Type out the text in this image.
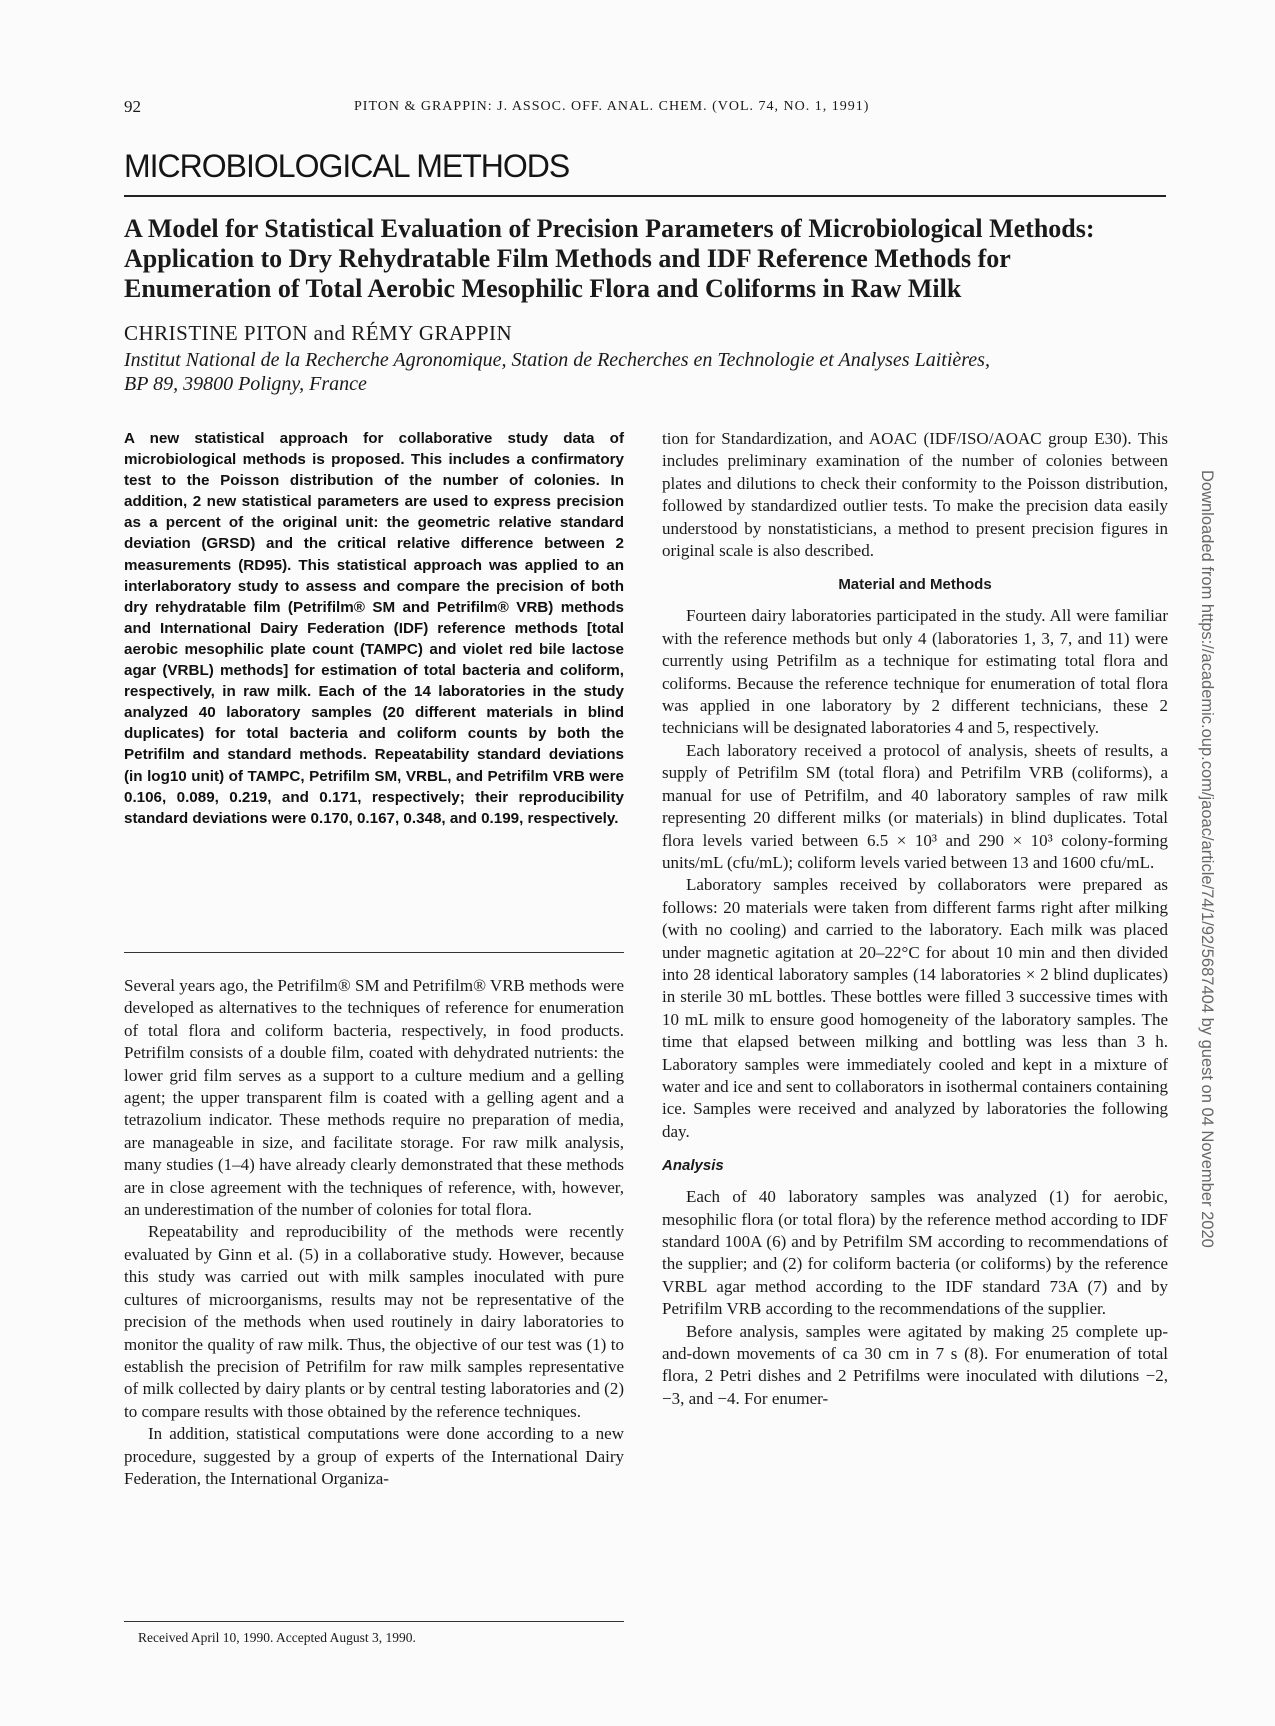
92	PITON & GRAPPIN: J. ASSOC. OFF. ANAL. CHEM. (VOL. 74, NO. 1, 1991)
MICROBIOLOGICAL METHODS
A Model for Statistical Evaluation of Precision Parameters of Microbiological Methods:
Application to Dry Rehydratable Film Methods and IDF Reference Methods for
Enumeration of Total Aerobic Mesophilic Flora and Coliforms in Raw Milk
CHRISTINE PITON and RÉMY GRAPPIN
Institut National de la Recherche Agronomique, Station de Recherches en Technologie et Analyses Laitières,
BP 89, 39800 Poligny, France
A new statistical approach for collaborative study data of microbiological methods is proposed. This includes a confirmatory test to the Poisson distribution of the number of colonies. In addition, 2 new statistical parameters are used to express precision as a percent of the original unit: the geometric relative standard deviation (GRSD) and the critical relative difference between 2 measurements (RD95). This statistical approach was applied to an interlaboratory study to assess and compare the precision of both dry rehydratable film (Petrifilm® SM and Petrifilm® VRB) methods and International Dairy Federation (IDF) reference methods [total aerobic mesophilic plate count (TAMPC) and violet red bile lactose agar (VRBL) methods] for estimation of total bacteria and coliform, respectively, in raw milk. Each of the 14 laboratories in the study analyzed 40 laboratory samples (20 different materials in blind duplicates) for total bacteria and coliform counts by both the Petrifilm and standard methods. Repeatability standard deviations (in log10 unit) of TAMPC, Petrifilm SM, VRBL, and Petrifilm VRB were 0.106, 0.089, 0.219, and 0.171, respectively; their reproducibility standard deviations were 0.170, 0.167, 0.348, and 0.199, respectively.

Several years ago, the Petrifilm® SM and Petrifilm® VRB methods were developed as alternatives to the techniques of reference for enumeration of total flora and coliform bacteria, respectively, in food products. Petrifilm consists of a double film, coated with dehydrated nutrients: the lower grid film serves as a support to a culture medium and a gelling agent; the upper transparent film is coated with a gelling agent and a tetrazolium indicator. These methods require no preparation of media, are manageable in size, and facilitate storage. For raw milk analysis, many studies (1–4) have already clearly demonstrated that these methods are in close agreement with the techniques of reference, with, however, an underestimation of the number of colonies for total flora.

Repeatability and reproducibility of the methods were recently evaluated by Ginn et al. (5) in a collaborative study. However, because this study was carried out with milk samples inoculated with pure cultures of microorganisms, results may not be representative of the precision of the methods when used routinely in dairy laboratories to monitor the quality of raw milk. Thus, the objective of our test was (1) to establish the precision of Petrifilm for raw milk samples representative of milk collected by dairy plants or by central testing laboratories and (2) to compare results with those obtained by the reference techniques.

In addition, statistical computations were done according to a new procedure, suggested by a group of experts of the International Dairy Federation, the International Organiza-

Received April 10, 1990. Accepted August 3, 1990.

tion for Standardization, and AOAC (IDF/ISO/AOAC group E30). This includes preliminary examination of the number of colonies between plates and dilutions to check their conformity to the Poisson distribution, followed by standardized outlier tests. To make the precision data easily understood by nonstatisticians, a method to present precision figures in original scale is also described.

Material and Methods

Fourteen dairy laboratories participated in the study. All were familiar with the reference methods but only 4 (laboratories 1, 3, 7, and 11) were currently using Petrifilm as a technique for estimating total flora and coliforms. Because the reference technique for enumeration of total flora was applied in one laboratory by 2 different technicians, these 2 technicians will be designated laboratories 4 and 5, respectively.

Each laboratory received a protocol of analysis, sheets of results, a supply of Petrifilm SM (total flora) and Petrifilm VRB (coliforms), a manual for use of Petrifilm, and 40 laboratory samples of raw milk representing 20 different milks (or materials) in blind duplicates. Total flora levels varied between 6.5 × 10³ and 290 × 10³ colony-forming units/mL (cfu/mL); coliform levels varied between 13 and 1600 cfu/mL.

Laboratory samples received by collaborators were prepared as follows: 20 materials were taken from different farms right after milking (with no cooling) and carried to the laboratory. Each milk was placed under magnetic agitation at 20–22°C for about 10 min and then divided into 28 identical laboratory samples (14 laboratories × 2 blind duplicates) in sterile 30 mL bottles. These bottles were filled 3 successive times with 10 mL milk to ensure good homogeneity of the laboratory samples. The time that elapsed between milking and bottling was less than 3 h. Laboratory samples were immediately cooled and kept in a mixture of water and ice and sent to collaborators in isothermal containers containing ice. Samples were received and analyzed by laboratories the following day.

Analysis

Each of 40 laboratory samples was analyzed (1) for aerobic, mesophilic flora (or total flora) by the reference method according to IDF standard 100A (6) and by Petrifilm SM according to recommendations of the supplier; and (2) for coliform bacteria (or coliforms) by the reference VRBL agar method according to the IDF standard 73A (7) and by Petrifilm VRB according to the recommendations of the supplier.

Before analysis, samples were agitated by making 25 complete up-and-down movements of ca 30 cm in 7 s (8). For enumeration of total flora, 2 Petri dishes and 2 Petrifilms were inoculated with dilutions −2, −3, and −4. For enumer-

Downloaded from https://academic.oup.com/jaoac/article/74/1/92/5687404 by guest on 04 November 2020
